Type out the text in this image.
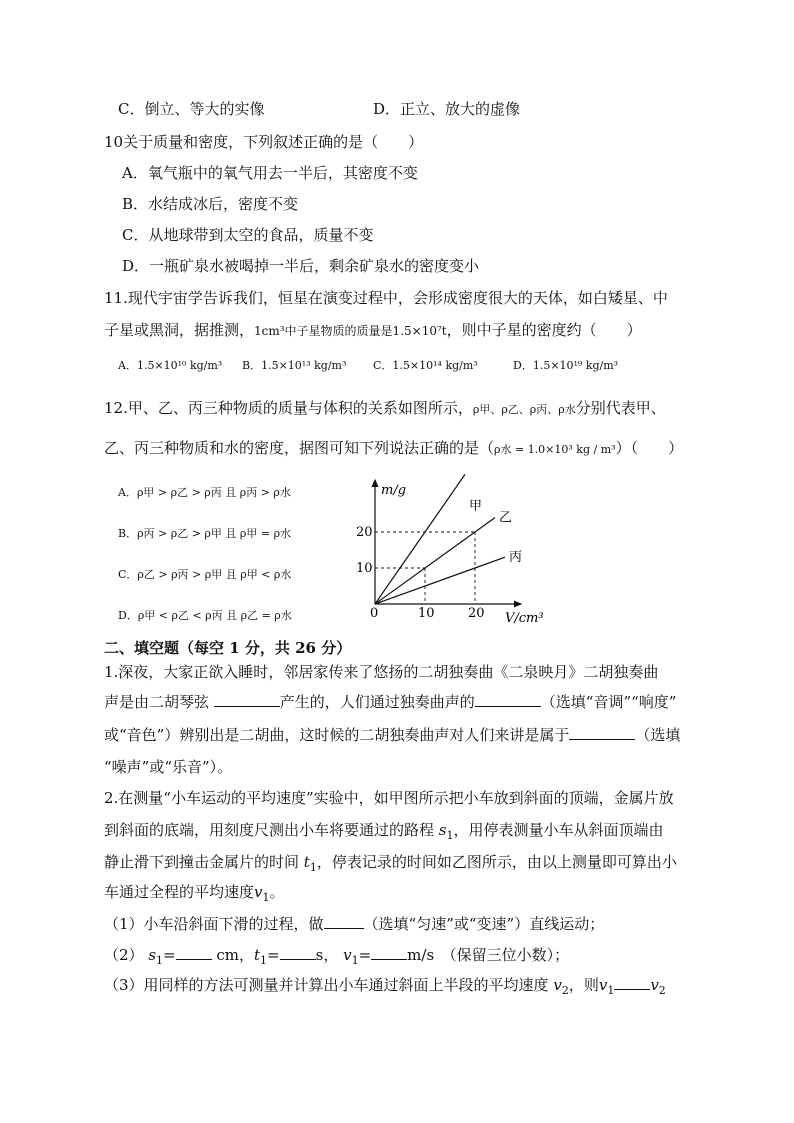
C．倒立、等大的实像	D．正立、放大的虚像
10关于质量和密度，下列叙述正确的是（　　）
A．氧气瓶中的氧气用去一半后，其密度不变
B．水结成冰后，密度不变
C．从地球带到太空的食品，质量不变
D．一瓶矿泉水被喝掉一半后，剩余矿泉水的密度变小
11.现代宇宙学告诉我们，恒星在演变过程中，会形成密度很大的天体，如白矮星、中
子星或黑洞，据推测，1cm³中子星物质的质量是1.5×10⁷t，则中子星的密度约（　　）
A．1.5×10¹⁰ kg/m³ B．1.5×10¹³ kg/m³ C．1.5×10¹⁴ kg/m³	D．1.5×10¹⁹ kg/m³
12.甲、乙、丙三种物质的质量与体积的关系如图所示，ρ甲、ρ乙、ρ丙、ρ水分别代表甲、
乙、丙三种物质和水的密度，据图可知下列说法正确的是（ρ水 = 1.0×10³ kg / m³）（　　）
A．ρ甲 > ρ乙 > ρ丙 且 ρ丙 > ρ水
B．ρ丙 > ρ乙 > ρ甲 且 ρ甲 = ρ水
C．ρ乙 > ρ丙 > ρ甲 且 ρ甲 < ρ水
D．ρ甲 < ρ乙 < ρ丙 且 ρ乙 = ρ水
m/g
V/cm³
0	10	20
10
20
甲
乙
丙
二、填空题（每空 1 分，共 26 分）
1.深夜，大家正欲入睡时，邻居家传来了悠扬的二胡独奏曲《二泉映月》二胡独奏曲
声是由二胡琴弦	产生的，人们通过独奏曲声的	（选填“音调”“响度”
或“音色”）辨别出是二胡曲，这时候的二胡独奏曲声对人们来讲是属于	（选填
“噪声”或“乐音”）。
2.在测量“小车运动的平均速度”实验中，如甲图所示把小车放到斜面的顶端，金属片放
到斜面的底端，用刻度尺测出小车将要通过的路程 $s_1$，用停表测量小车从斜面顶端由
静止滑下到撞击金属片的时间 $t_1$，停表记录的时间如乙图所示，由以上测量即可算出小
车通过全程的平均速度$v_1$。
（1）小车沿斜面下滑的过程，做	（选填“匀速”或“变速”）直线运动；
（2） $s_1=$ cm，$t_1= s$， $v_1= m/s$　（保留三位小数）；
（3）用同样的方法可测量并计算出小车通过斜面上半段的平均速度 $v_2$，则$v_1$ $v_2$
